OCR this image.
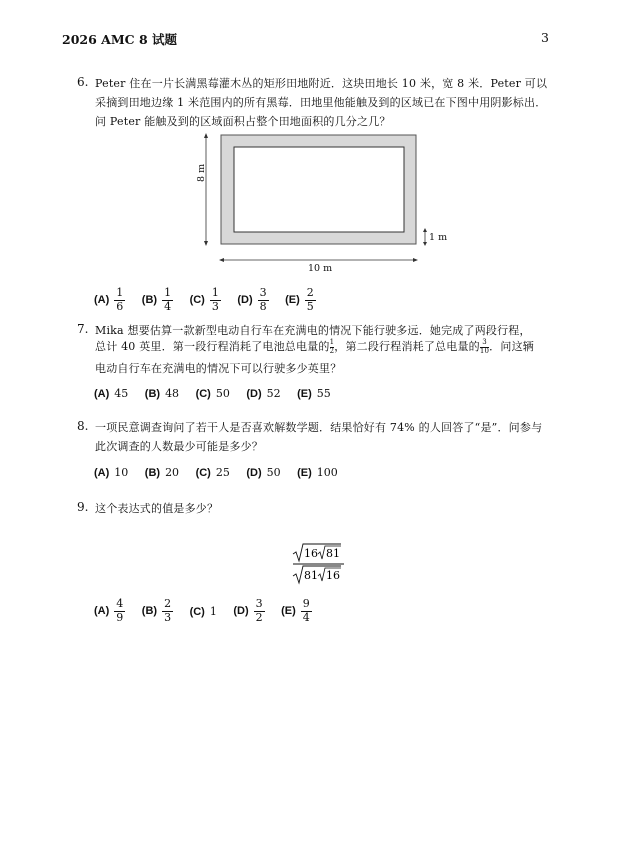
2026 AMC 8 试题	3
6. Peter 住在一片长满黑莓灌木丛的矩形田地附近．这块田地长 10 米，宽 8 米．Peter 可以
采摘到田地边缘 1 米范围内的所有黑莓．田地里他能触及到的区域已在下图中用阴影标出．
问 Peter 能触及到的区域面积占整个田地面积的几分之几？
8 m
10 m
1 m
$(A) \frac{1}{6} (B) \frac{1}{4} (C) \frac{1}{3} (D) \frac{3}{8} (E) \frac{2}{5}$
7. Mika 想要估算一款新型电动自行车在充满电的情况下能行驶多远．她完成了两段行程，
总计 40 英里．第一段行程消耗了电池总电量的 $\frac{1}{2}$ ，第二段行程消耗了总电量的 $\frac{3}{10}$ ．问这辆
电动自行车在充满电的情况下可以行驶多少英里？
(A) 45 (B) 48 (C) 50 (D) 52 (E) 55
8. 一项民意调查询问了若干人是否喜欢解数学题．结果恰好有 74% 的人回答了“是”．问参与
此次调查的人数最少可能是多少？
(A) 10 (B) 20 (C) 25 (D) 50 (E) 100
9. 这个表达式的值是多少？
16 81
81 16
$(A) \frac{4}{9} (B) \frac{2}{3} (C)$ 1 $(D) \frac{3}{2} (E) \frac{9}{4}$
